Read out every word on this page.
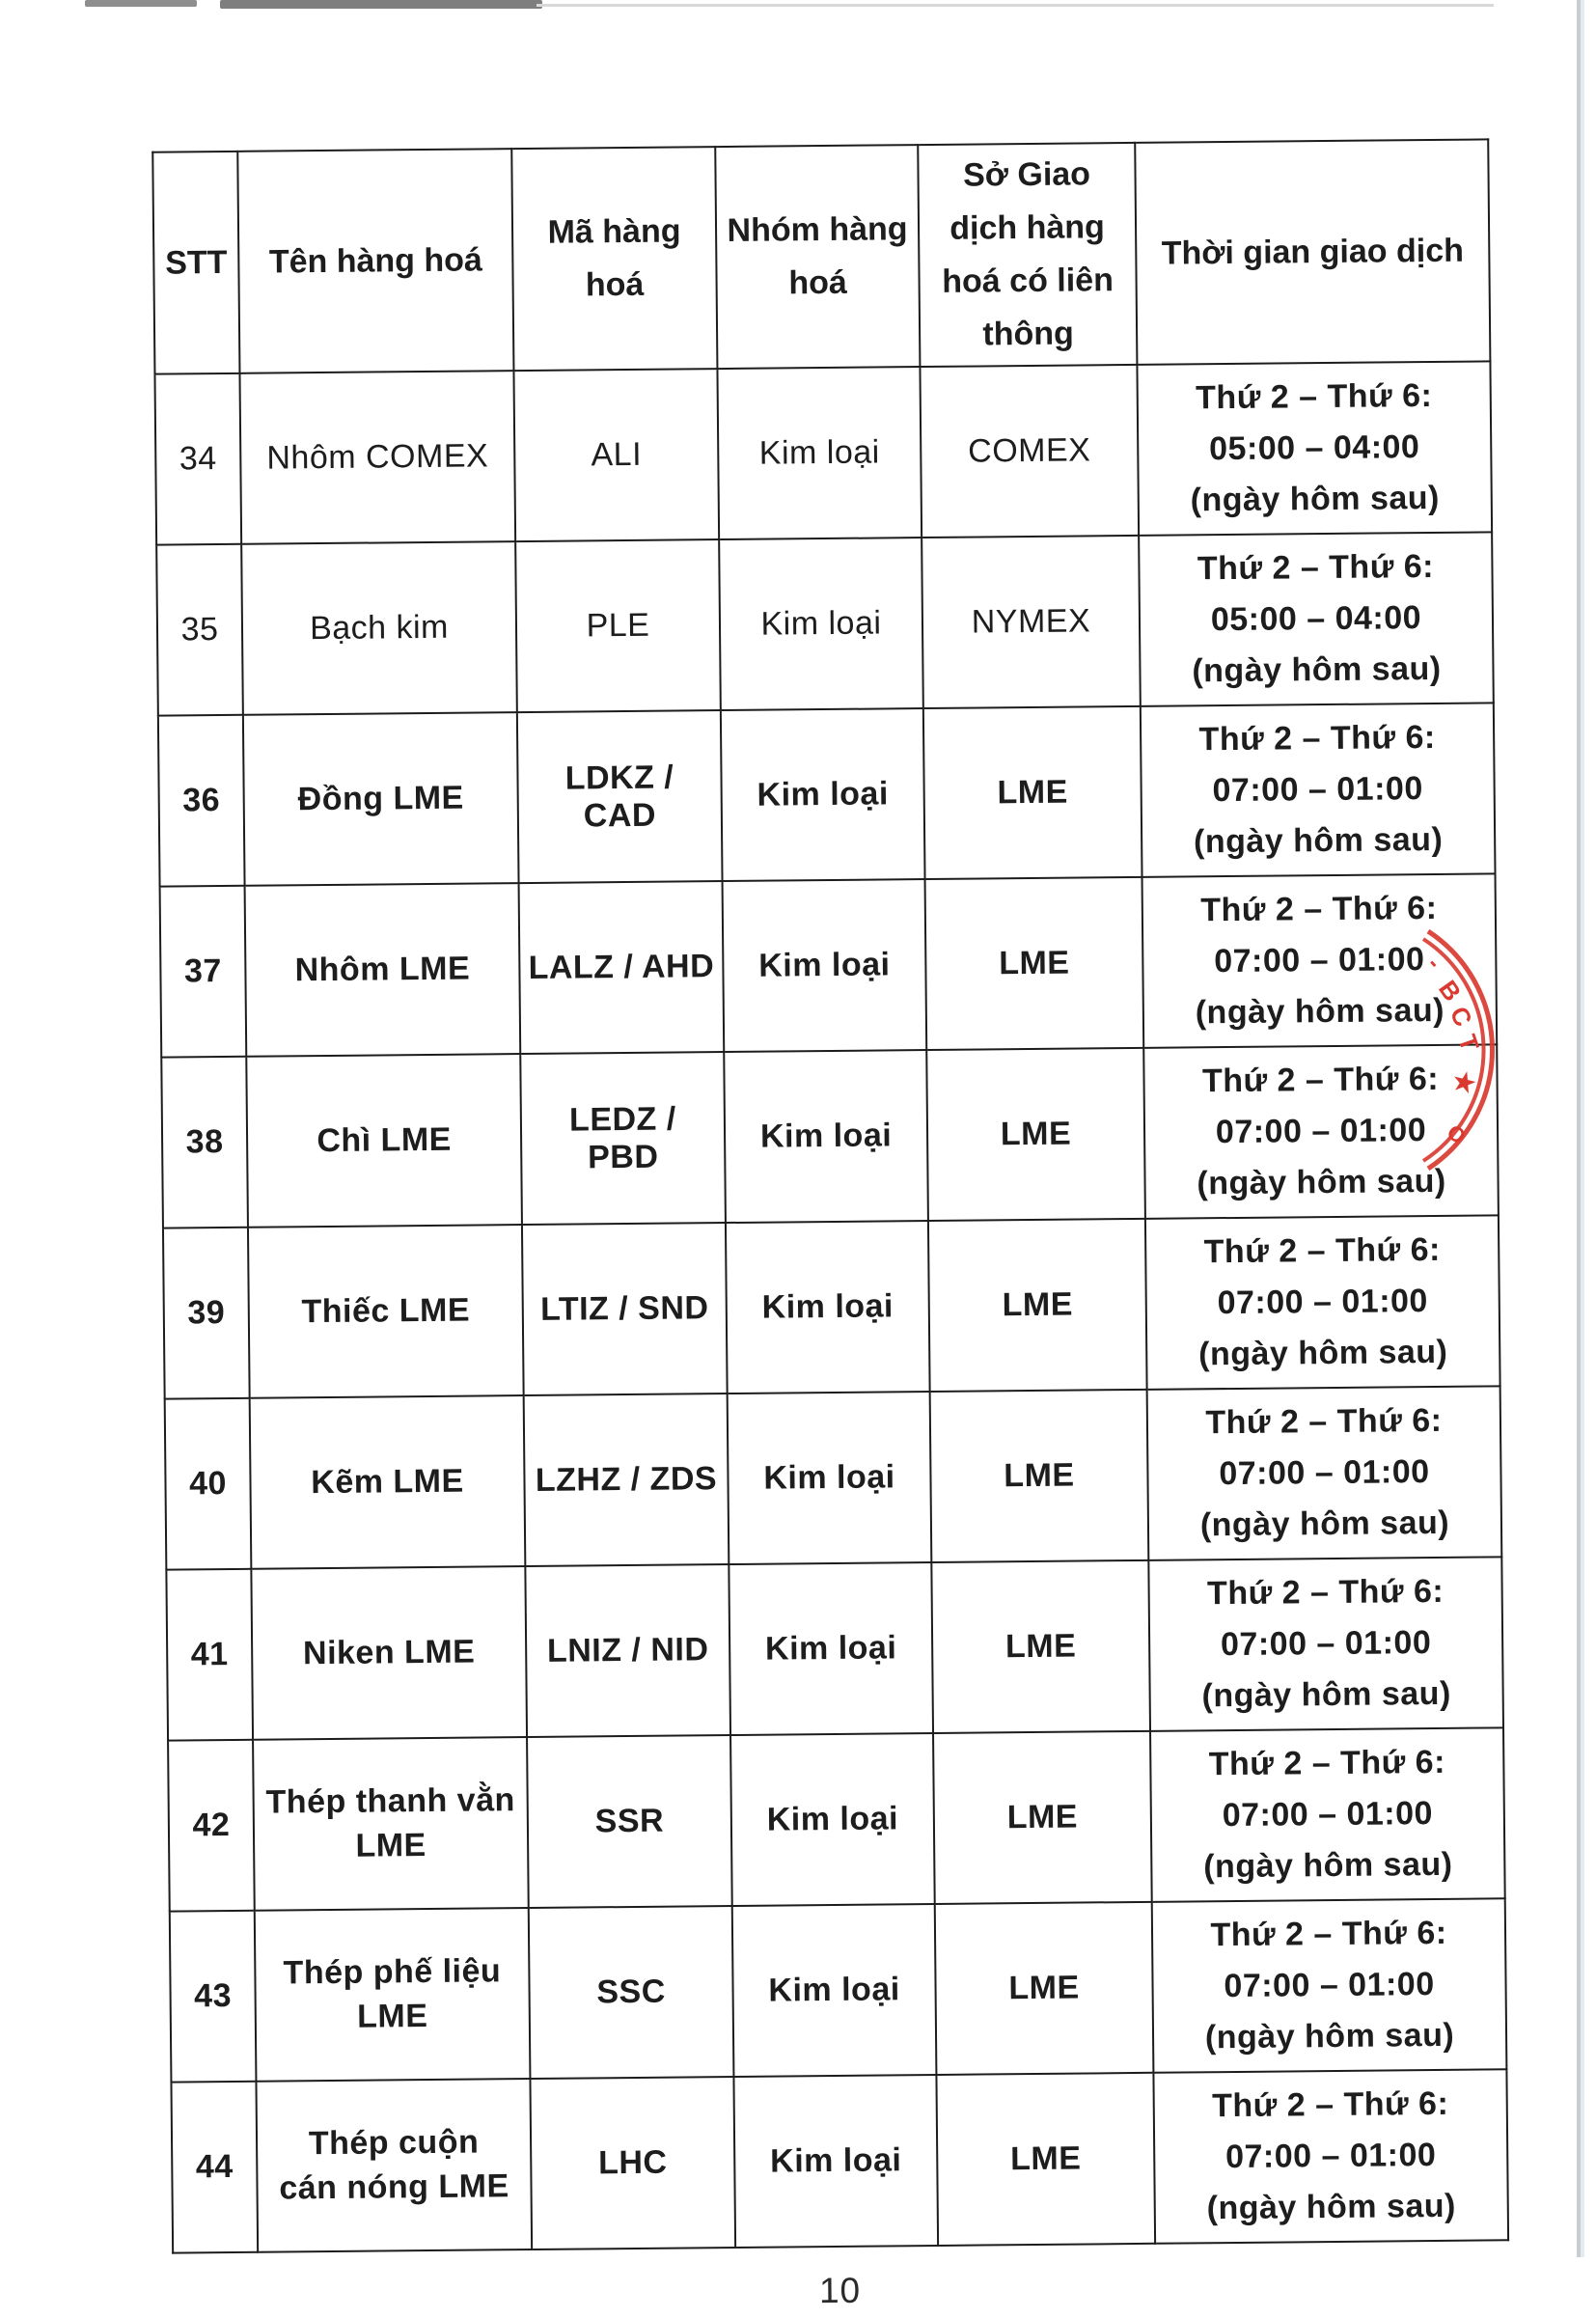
STT	Tên hàng hoá	Mã hàng hoá	Nhóm hàng hoá	Sở Giao dịch hàng hoá có liên thông	Thời gian giao dịch
34	Nhôm COMEX	ALI	Kim loại	COMEX	Thứ 2 – Thứ 6:
05:00 – 04:00
(ngày hôm sau)

35	Bạch kim	PLE	Kim loại	NYMEX	Thứ 2 – Thứ 6:
05:00 – 04:00
(ngày hôm sau)

36	Đồng LME	LDKZ / CAD	Kim loại	LME	Thứ 2 – Thứ 6:
07:00 – 01:00
(ngày hôm sau)

37	Nhôm LME	LALZ / AHD	Kim loại	LME	Thứ 2 – Thứ 6:
07:00 – 01:00
(ngày hôm sau)

38	Chì LME	LEDZ / PBD	Kim loại	LME	Thứ 2 – Thứ 6:
07:00 – 01:00
(ngày hôm sau)

39	Thiếc LME	LTIZ / SND	Kim loại	LME	Thứ 2 – Thứ 6:
07:00 – 01:00
(ngày hôm sau)

40	Kẽm LME	LZHZ / ZDS	Kim loại	LME	Thứ 2 – Thứ 6:
07:00 – 01:00
(ngày hôm sau)

41	Niken LME	LNIZ / NID	Kim loại	LME	Thứ 2 – Thứ 6:
07:00 – 01:00
(ngày hôm sau)

42	Thép thanh vằn
LME	SSR	Kim loại	LME	
Thứ 2 – Thứ 6:
07:00 – 01:00
(ngày hôm sau)

43	Thép phế liệu
LME	SSC	Kim loại	LME	
Thứ 2 – Thứ 6:
07:00 – 01:00
(ngày hôm sau)

44	Thép cuộn
cán nóng LME	LHC	Kim loại	LME	
Thứ 2 – Thứ 6:
07:00 – 01:00
(ngày hôm sau)
10
-
B
C
T
★
O
